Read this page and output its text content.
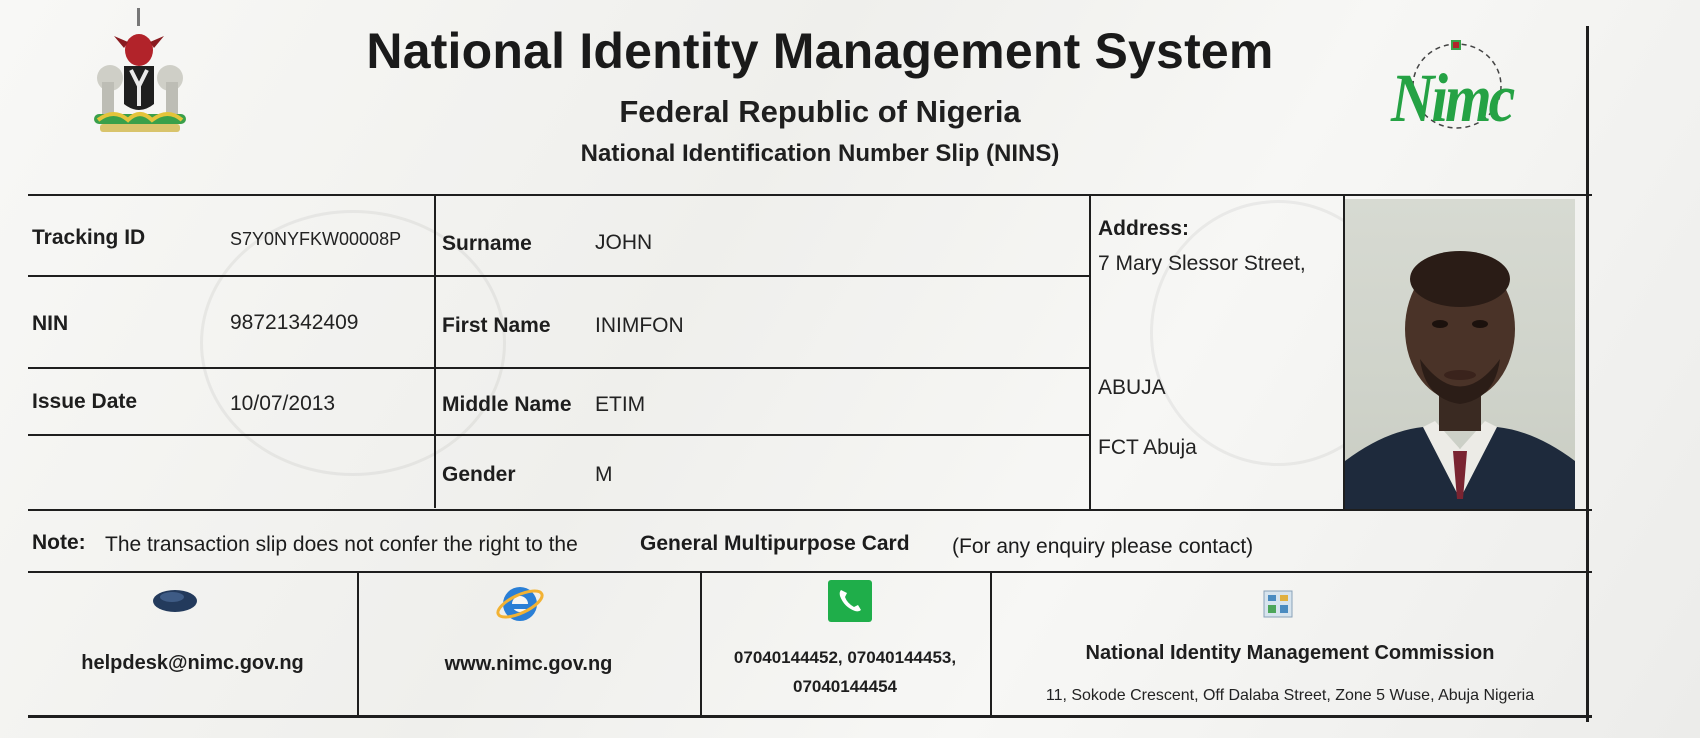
Nimc
National Identity Management System
Federal Republic of Nigeria
National Identification Number Slip (NINS)
Tracking ID	S7Y0NYFKW00008P
NIN	98721342409
Issue Date	10/07/2013
Surname	JOHN
First Name INIMFON
Middle Name ETIM
Gender	M
Address:
7 Mary Slessor Street,
ABUJA
FCT Abuja
Note: The transaction slip does not confer the right to the	General Multipurpose Card (For any enquiry please contact)
helpdesk@nimc.gov.ng	www.nimc.gov.ng	07040144452, 07040144453,
07040144454
National Identity Management Commission
11, Sokode Crescent, Off Dalaba Street, Zone 5 Wuse, Abuja Nigeria
